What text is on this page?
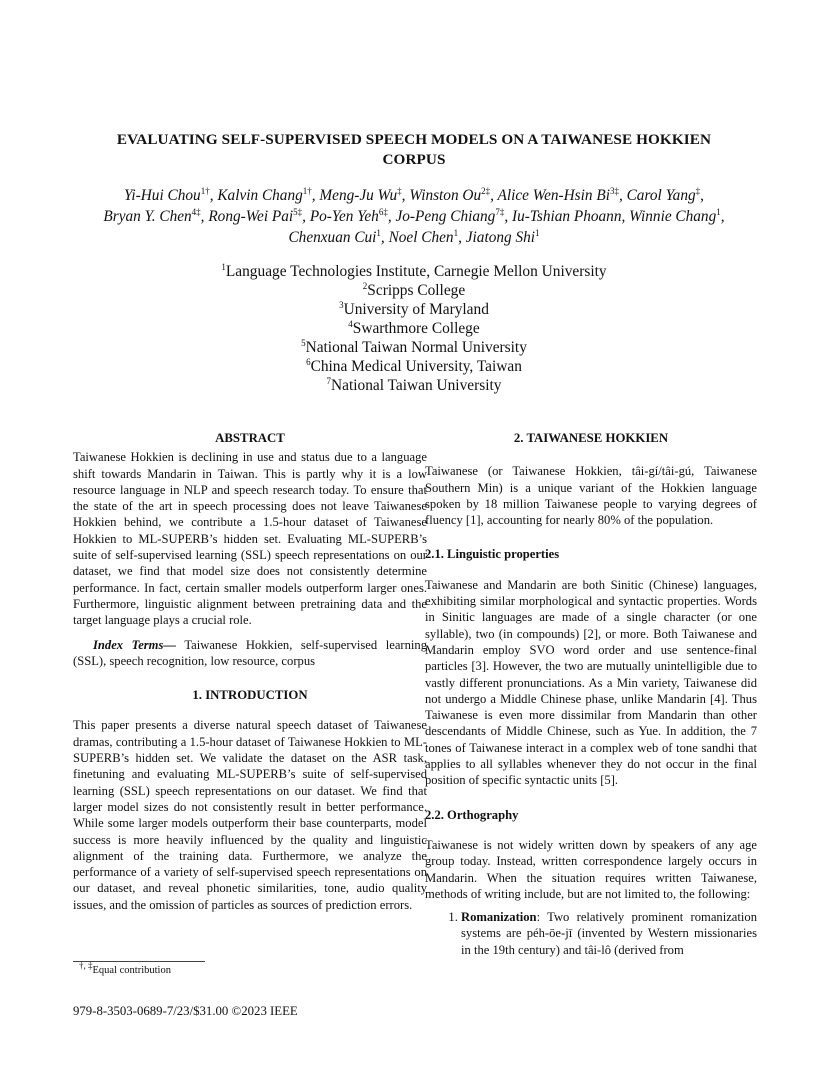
EVALUATING SELF-SUPERVISED SPEECH MODELS ON A TAIWANESE HOKKIEN CORPUS
Yi-Hui Chou$^{1\dagger}$, Kalvin Chang$^{1\dagger}$, Meng-Ju Wu‡, Winston $Ou^{2\ddagger}$, Alice Wen-Hsin $Bi^{3\ddagger}$, Carol Yang‡,
Bryan Y. Chen$^{4\ddagger}$, Rong-Wei Pai$^{5\ddagger}$, Po-Yen Yeh$^{6\ddagger}$, Jo-Peng Chiang$^{7\ddagger}$, Iu-Tshian Phoann, Winnie Chang$^1$,
Chenxuan Cui$^1$, Noel Chen$^1$, Jiatong Shi$^1$
$^1$Language Technologies Institute, Carnegie Mellon University
$^2$Scripps College
$^3$University of Maryland
$^4$Swarthmore College
$^5$National Taiwan Normal University
$^6$China Medical University, Taiwan
$^7$National Taiwan University

ABSTRACT

Taiwanese Hokkien is declining in use and status due to a language shift towards Mandarin in Taiwan. This is partly why it is a low resource language in NLP and speech research today. To ensure that the state of the art in speech processing does not leave Taiwanese Hokkien behind, we contribute a 1.5-hour dataset of Taiwanese Hokkien to ML-SUPERB’s hidden set. Evaluating ML-SUPERB’s suite of self-supervised learning (SSL) speech representations on our dataset, we find that model size does not consistently determine performance. In fact, certain smaller models outperform larger ones. Furthermore, linguistic alignment between pretraining data and the target language plays a crucial role.

Index Terms— Taiwanese Hokkien, self-supervised learning (SSL), speech recognition, low resource, corpus

1. INTRODUCTION

This paper presents a diverse natural speech dataset of Taiwanese dramas, contributing a 1.5-hour dataset of Taiwanese Hokkien to ML-SUPERB’s hidden set. We validate the dataset on the ASR task, finetuning and evaluating ML-SUPERB’s suite of self-supervised learning (SSL) speech representations on our dataset. We find that larger model sizes do not consistently result in better performance. While some larger models outperform their base counterparts, model success is more heavily influenced by the quality and linguistic alignment of the training data. Furthermore, we analyze the performance of a variety of self-supervised speech representations on our dataset, and reveal phonetic similarities, tone, audio quality issues, and the omission of particles as sources of prediction errors.

†, ‡Equal contribution
979-8-3503-0689-7/23/$31.00 ©2023 IEEE

2. TAIWANESE HOKKIEN

Taiwanese (or Taiwanese Hokkien, tâi-gí/tâi-gú, Taiwanese Southern Min) is a unique variant of the Hokkien language spoken by 18 million Taiwanese people to varying degrees of fluency [1], accounting for nearly 80% of the population.

2.1. Linguistic properties

Taiwanese and Mandarin are both Sinitic (Chinese) languages, exhibiting similar morphological and syntactic properties. Words in Sinitic languages are made of a single character (or one syllable), two (in compounds) [2], or more. Both Taiwanese and Mandarin employ SVO word order and use sentence-final particles [3]. However, the two are mutually unintelligible due to vastly different pronunciations. As a Min variety, Taiwanese did not undergo a Middle Chinese phase, unlike Mandarin [4]. Thus Taiwanese is even more dissimilar from Mandarin than other descendants of Middle Chinese, such as Yue. In addition, the 7 tones of Taiwanese interact in a complex web of tone sandhi that applies to all syllables whenever they do not occur in the final position of specific syntactic units [5].

2.2. Orthography

Taiwanese is not widely written down by speakers of any age group today. Instead, written correspondence largely occurs in Mandarin. When the situation requires written Taiwanese, methods of writing include, but are not limited to, the following:

1. Romanization: Two relatively prominent romanization systems are péh-ōe-jī (invented by Western missionaries in the 19th century) and tâi-lô (derived from
